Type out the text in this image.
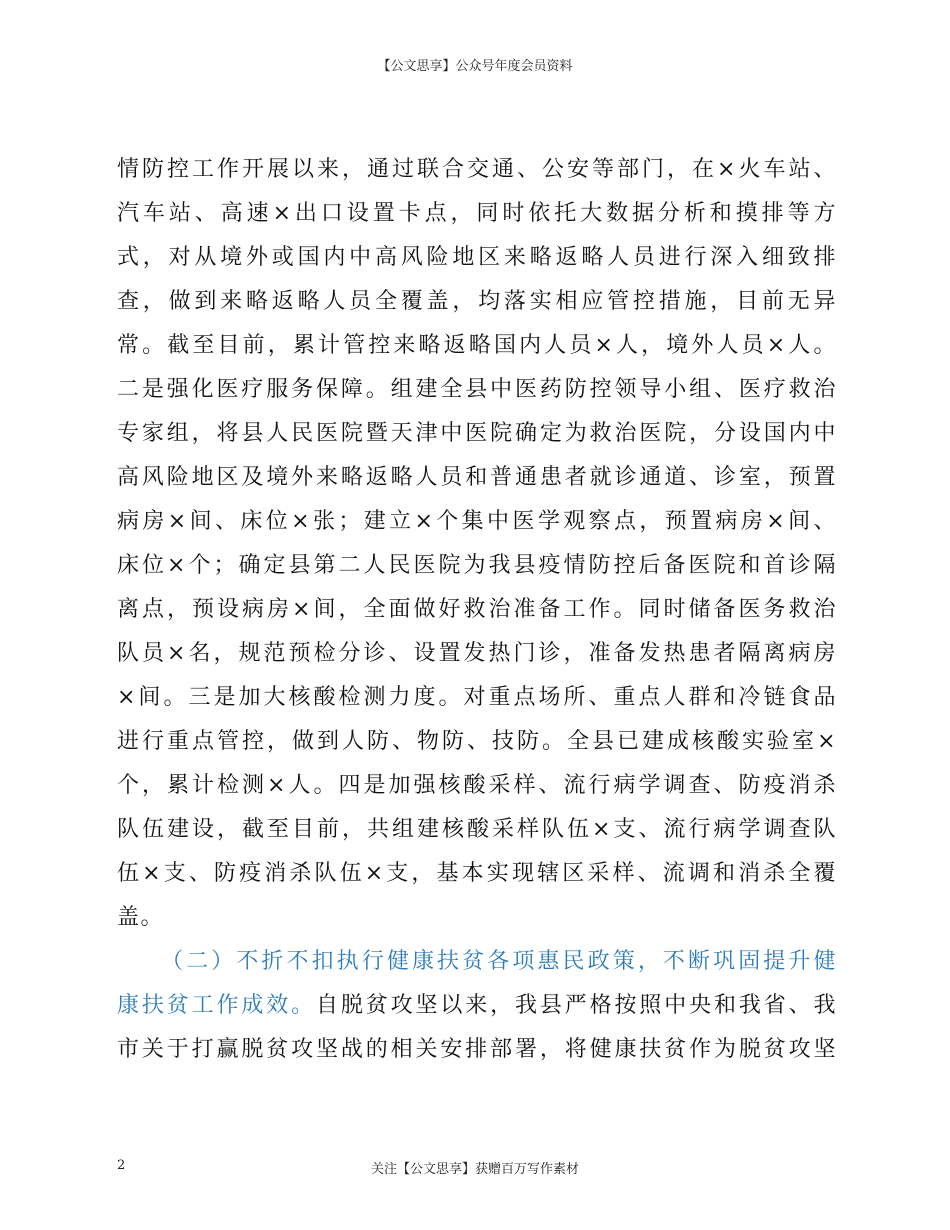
【公文思享】公众号年度会员资料
情防控工作开展以来，通过联合交通、公安等部门，在×火车站、
汽车站、高速×出口设置卡点，同时依托大数据分析和摸排等方
式，对从境外或国内中高风险地区来略返略人员进行深入细致排
查，做到来略返略人员全覆盖，均落实相应管控措施，目前无异
常。截至目前，累计管控来略返略国内人员×人，境外人员×人。
二是强化医疗服务保障。组建全县中医药防控领导小组、医疗救治
专家组，将县人民医院暨天津中医院确定为救治医院，分设国内中
高风险地区及境外来略返略人员和普通患者就诊通道、诊室，预置
病房×间、床位×张；建立×个集中医学观察点，预置病房×间、
床位×个；确定县第二人民医院为我县疫情防控后备医院和首诊隔
离点，预设病房×间，全面做好救治准备工作。同时储备医务救治
队员×名，规范预检分诊、设置发热门诊，准备发热患者隔离病房
×间。三是加大核酸检测力度。对重点场所、重点人群和冷链食品
进行重点管控，做到人防、物防、技防。全县已建成核酸实验室×
个，累计检测×人。四是加强核酸采样、流行病学调查、防疫消杀
队伍建设，截至目前，共组建核酸采样队伍×支、流行病学调查队
伍×支、防疫消杀队伍×支，基本实现辖区采样、流调和消杀全覆
盖。
（二）不折不扣执行健康扶贫各项惠民政策，不断巩固提升健
康扶贫工作成效。自脱贫攻坚以来，我县严格按照中央和我省、我
市关于打赢脱贫攻坚战的相关安排部署，将健康扶贫作为脱贫攻坚
2	关注【公文思享】获赠百万写作素材
